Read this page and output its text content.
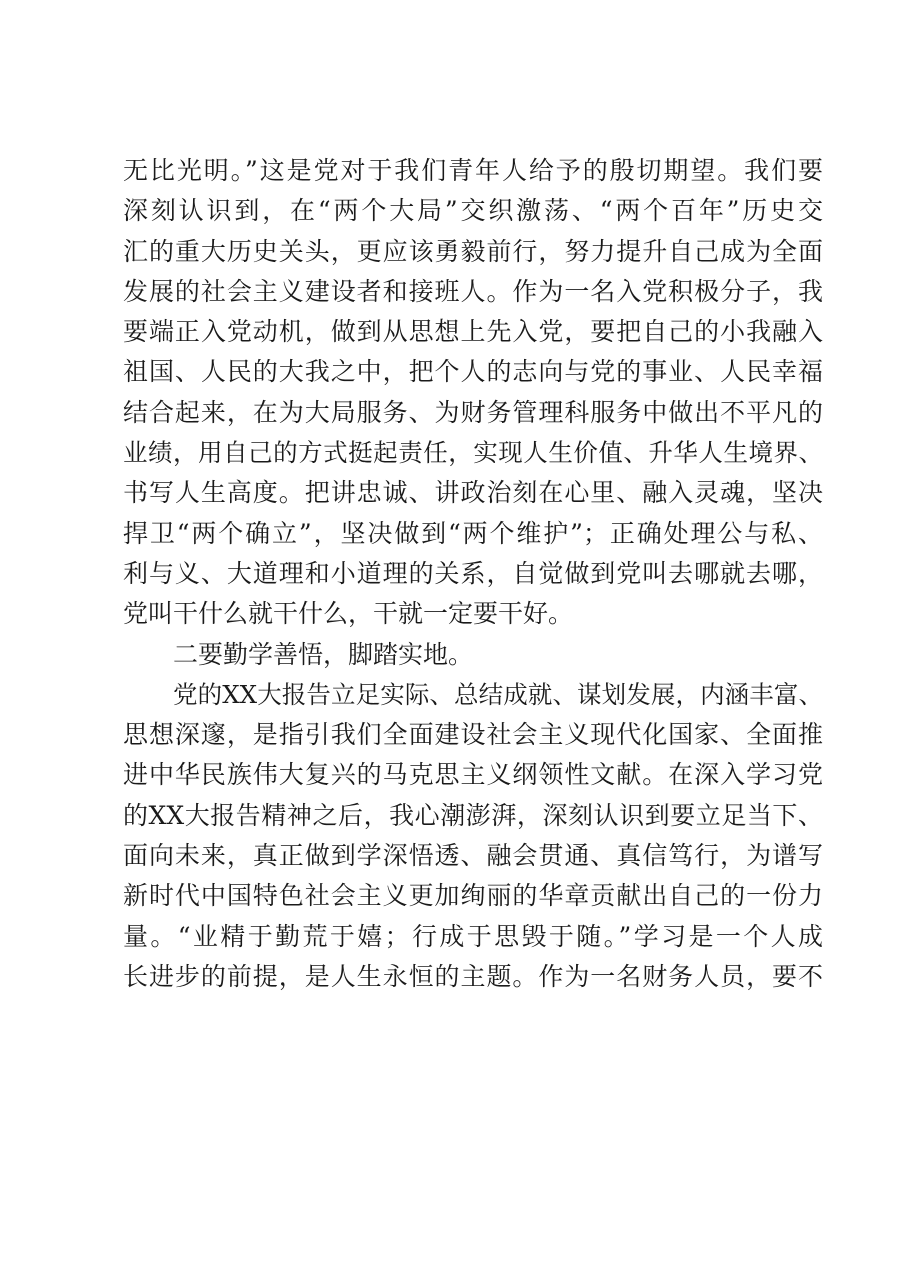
无比光明。”这是党对于我们青年人给予的殷切期望。我们要
深刻认识到，在“两个大局”交织激荡、“两个百年”历史交
汇的重大历史关头，更应该勇毅前行，努力提升自己成为全面
发展的社会主义建设者和接班人。作为一名入党积极分子，我
要端正入党动机，做到从思想上先入党，要把自己的小我融入
祖国、人民的大我之中，把个人的志向与党的事业、人民幸福
结合起来，在为大局服务、为财务管理科服务中做出不平凡的
业绩，用自己的方式挺起责任，实现人生价值、升华人生境界、
书写人生高度。把讲忠诚、讲政治刻在心里、融入灵魂，坚决
捍卫“两个确立”，坚决做到“两个维护”；正确处理公与私、
利与义、大道理和小道理的关系，自觉做到党叫去哪就去哪，
党叫干什么就干什么，干就一定要干好。
二要勤学善悟，脚踏实地。
党的XX大报告立足实际、总结成就、谋划发展，内涵丰富、
思想深邃，是指引我们全面建设社会主义现代化国家、全面推
进中华民族伟大复兴的马克思主义纲领性文献。在深入学习党
的XX大报告精神之后，我心潮澎湃，深刻认识到要立足当下、
面向未来，真正做到学深悟透、融会贯通、真信笃行，为谱写
新时代中国特色社会主义更加绚丽的华章贡献出自己的一份力
量。“业精于勤荒于嬉；行成于思毁于随。”学习是一个人成
长进步的前提，是人生永恒的主题。作为一名财务人员，要不
